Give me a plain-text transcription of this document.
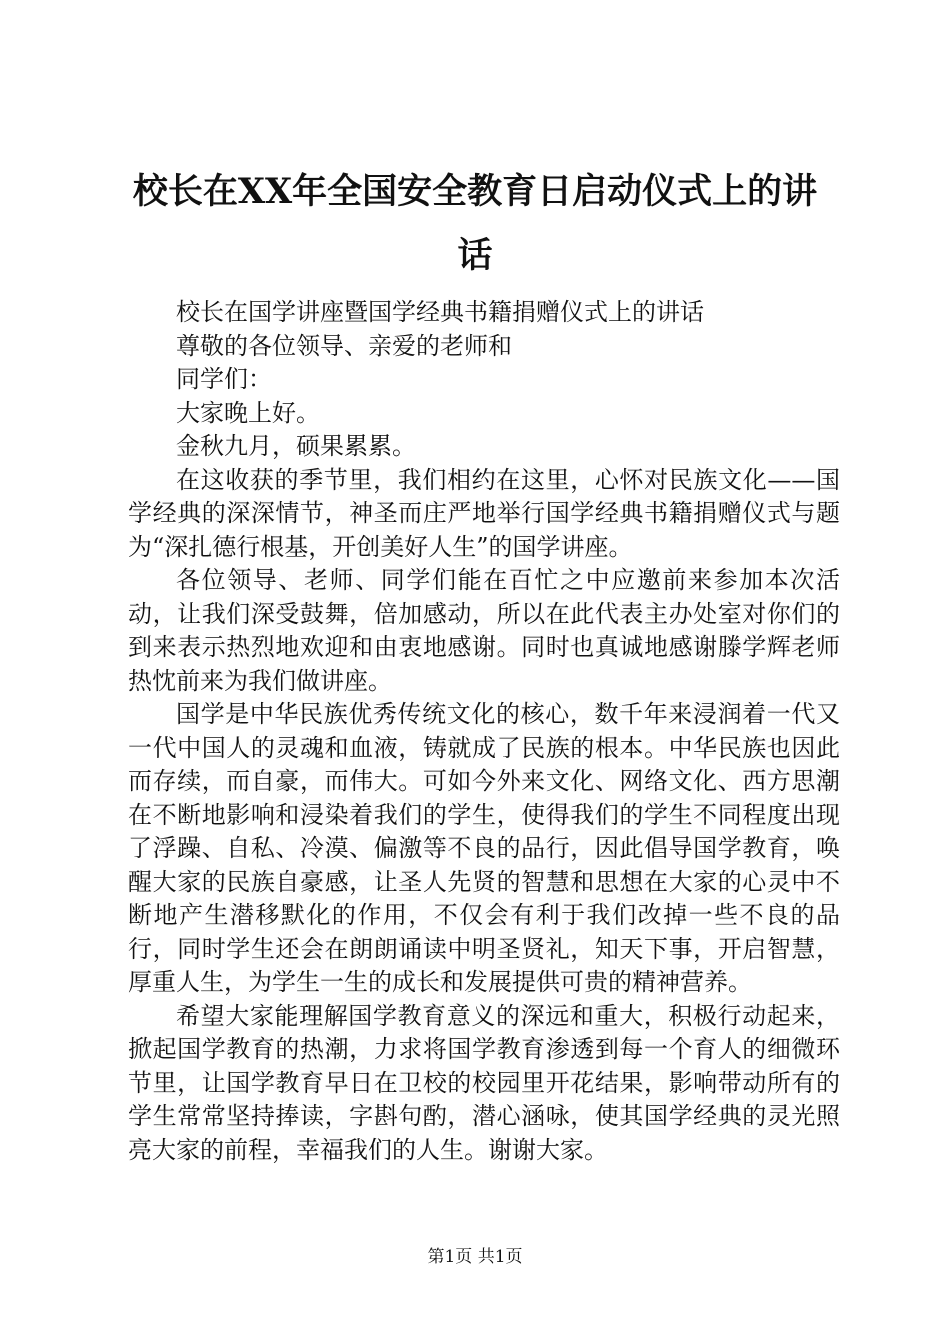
校长在XX年全国安全教育日启动仪式上的讲话

校长在国学讲座暨国学经典书籍捐赠仪式上的讲话

尊敬的各位领导、亲爱的老师和

同学们：

大家晚上好。

金秋九月，硕果累累。

在这收获的季节里，我们相约在这里，心怀对民族文化——国学经典的深深情节，神圣而庄严地举行国学经典书籍捐赠仪式与题为“深扎德行根基，开创美好人生”的国学讲座。

各位领导、老师、同学们能在百忙之中应邀前来参加本次活动，让我们深受鼓舞，倍加感动，所以在此代表主办处室对你们的到来表示热烈地欢迎和由衷地感谢。同时也真诚地感谢滕学辉老师热忱前来为我们做讲座。

国学是中华民族优秀传统文化的核心，数千年来浸润着一代又一代中国人的灵魂和血液，铸就成了民族的根本。中华民族也因此而存续，而自豪，而伟大。可如今外来文化、网络文化、西方思潮在不断地影响和浸染着我们的学生，使得我们的学生不同程度出现了浮躁、自私、冷漠、偏激等不良的品行，因此倡导国学教育，唤醒大家的民族自豪感，让圣人先贤的智慧和思想在大家的心灵中不断地产生潜移默化的作用，不仅会有利于我们改掉一些不良的品行，同时学生还会在朗朗诵读中明圣贤礼，知天下事，开启智慧，厚重人生，为学生一生的成长和发展提供可贵的精神营养。

希望大家能理解国学教育意义的深远和重大，积极行动起来，掀起国学教育的热潮，力求将国学教育渗透到每一个育人的细微环节里，让国学教育早日在卫校的校园里开花结果，影响带动所有的学生常常坚持捧读，字斟句酌，潜心涵咏，使其国学经典的灵光照亮大家的前程，幸福我们的人生。谢谢大家。

第1页 共1页
